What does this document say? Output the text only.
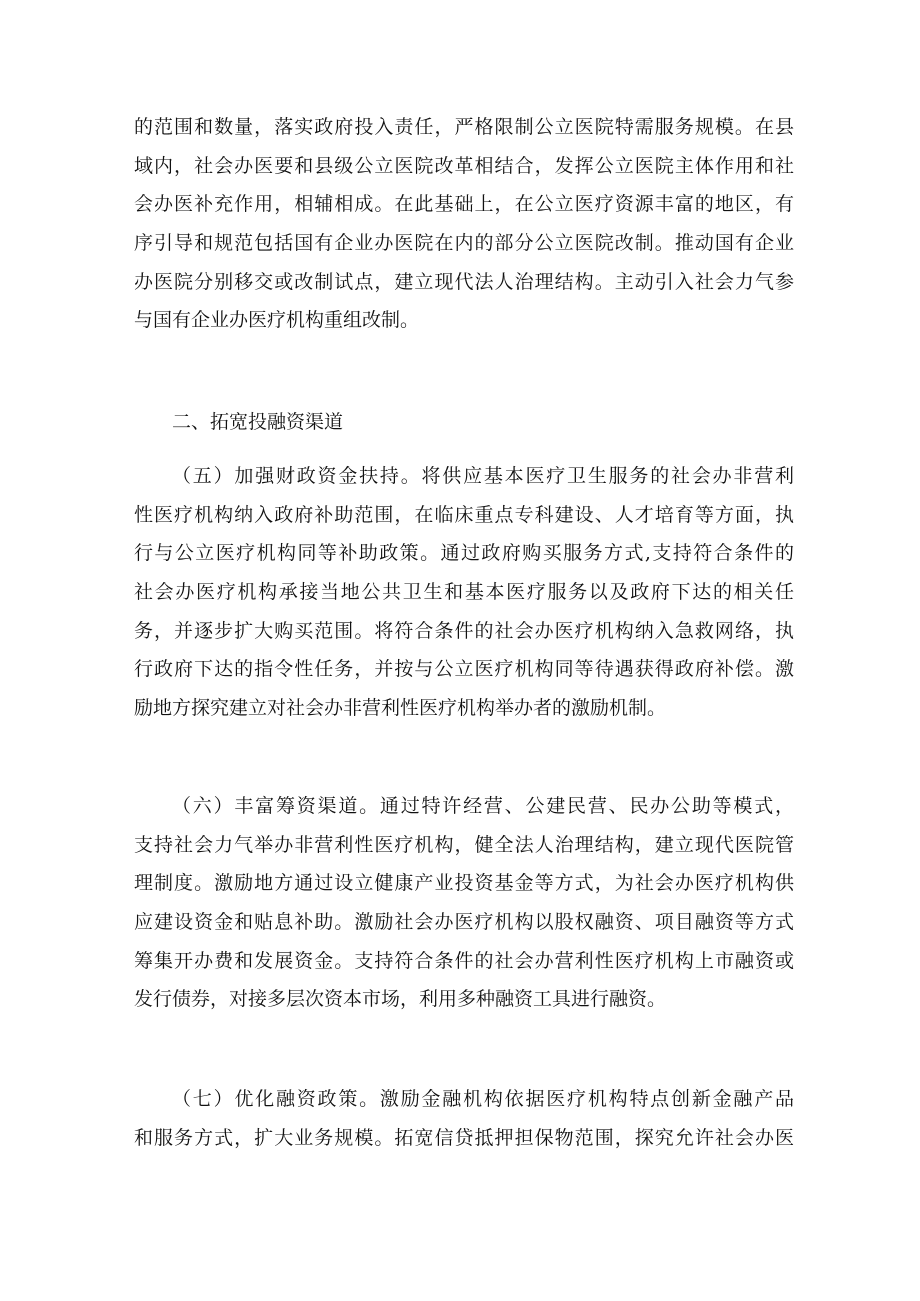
的范围和数量，落实政府投入责任，严格限制公立医院特需服务规模。在县
域内，社会办医要和县级公立医院改革相结合，发挥公立医院主体作用和社
会办医补充作用，相辅相成。在此基础上，在公立医疗资源丰富的地区，有
序引导和规范包括国有企业办医院在内的部分公立医院改制。推动国有企业
办医院分别移交或改制试点，建立现代法人治理结构。主动引入社会力气参
与国有企业办医疗机构重组改制。
二、拓宽投融资渠道
（五）加强财政资金扶持。将供应基本医疗卫生服务的社会办非营利
性医疗机构纳入政府补助范围，在临床重点专科建设、人才培育等方面，执
行与公立医疗机构同等补助政策。通过政府购买服务方式,支持符合条件的
社会办医疗机构承接当地公共卫生和基本医疗服务以及政府下达的相关任
务，并逐步扩大购买范围。将符合条件的社会办医疗机构纳入急救网络，执
行政府下达的指令性任务，并按与公立医疗机构同等待遇获得政府补偿。激
励地方探究建立对社会办非营利性医疗机构举办者的激励机制。
（六）丰富筹资渠道。通过特许经营、公建民营、民办公助等模式，
支持社会力气举办非营利性医疗机构，健全法人治理结构，建立现代医院管
理制度。激励地方通过设立健康产业投资基金等方式，为社会办医疗机构供
应建设资金和贴息补助。激励社会办医疗机构以股权融资、项目融资等方式
筹集开办费和发展资金。支持符合条件的社会办营利性医疗机构上市融资或
发行债券，对接多层次资本市场，利用多种融资工具进行融资。
（七）优化融资政策。激励金融机构依据医疗机构特点创新金融产品
和服务方式，扩大业务规模。拓宽信贷抵押担保物范围，探究允许社会办医
